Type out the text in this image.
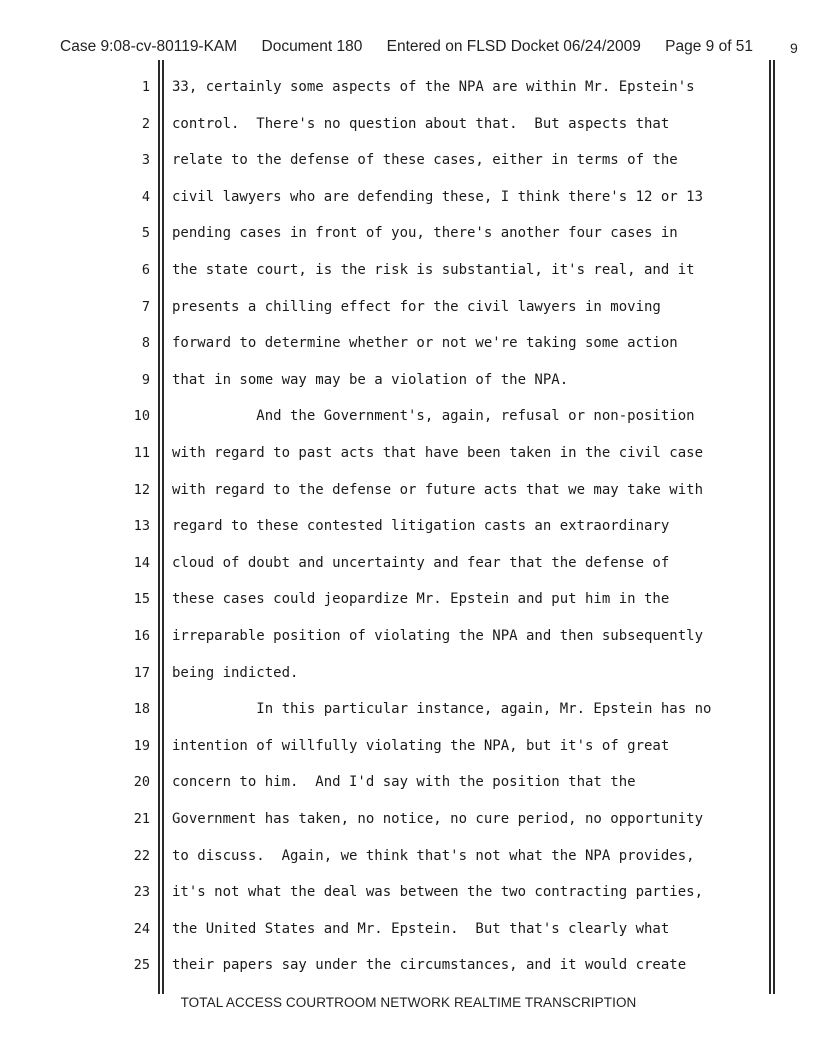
Case 9:08-cv-80119-KAM Document 180 Entered on FLSD Docket 06/24/2009 Page 9 of 51	9
1 33, certainly some aspects of the NPA are within Mr. Epstein's
2 control.  There's no question about that.  But aspects that
3 relate to the defense of these cases, either in terms of the
4 civil lawyers who are defending these, I think there's 12 or 13
5 pending cases in front of you, there's another four cases in
6 the state court, is the risk is substantial, it's real, and it
7 presents a chilling effect for the civil lawyers in moving
8 forward to determine whether or not we're taking some action
9 that in some way may be a violation of the NPA.
10 And the Government's, again, refusal or non-position
11 with regard to past acts that have been taken in the civil case
12 with regard to the defense or future acts that we may take with
13 regard to these contested litigation casts an extraordinary
14 cloud of doubt and uncertainty and fear that the defense of
15 these cases could jeopardize Mr. Epstein and put him in the
16 irreparable position of violating the NPA and then subsequently
17 being indicted.
18 In this particular instance, again, Mr. Epstein has no
19 intention of willfully violating the NPA, but it's of great
20 concern to him.  And I'd say with the position that the
21 Government has taken, no notice, no cure period, no opportunity
22 to discuss.  Again, we think that's not what the NPA provides,
23 it's not what the deal was between the two contracting parties,
24 the United States and Mr. Epstein.  But that's clearly what
25 their papers say under the circumstances, and it would create
TOTAL ACCESS COURTROOM NETWORK REALTIME TRANSCRIPTION
